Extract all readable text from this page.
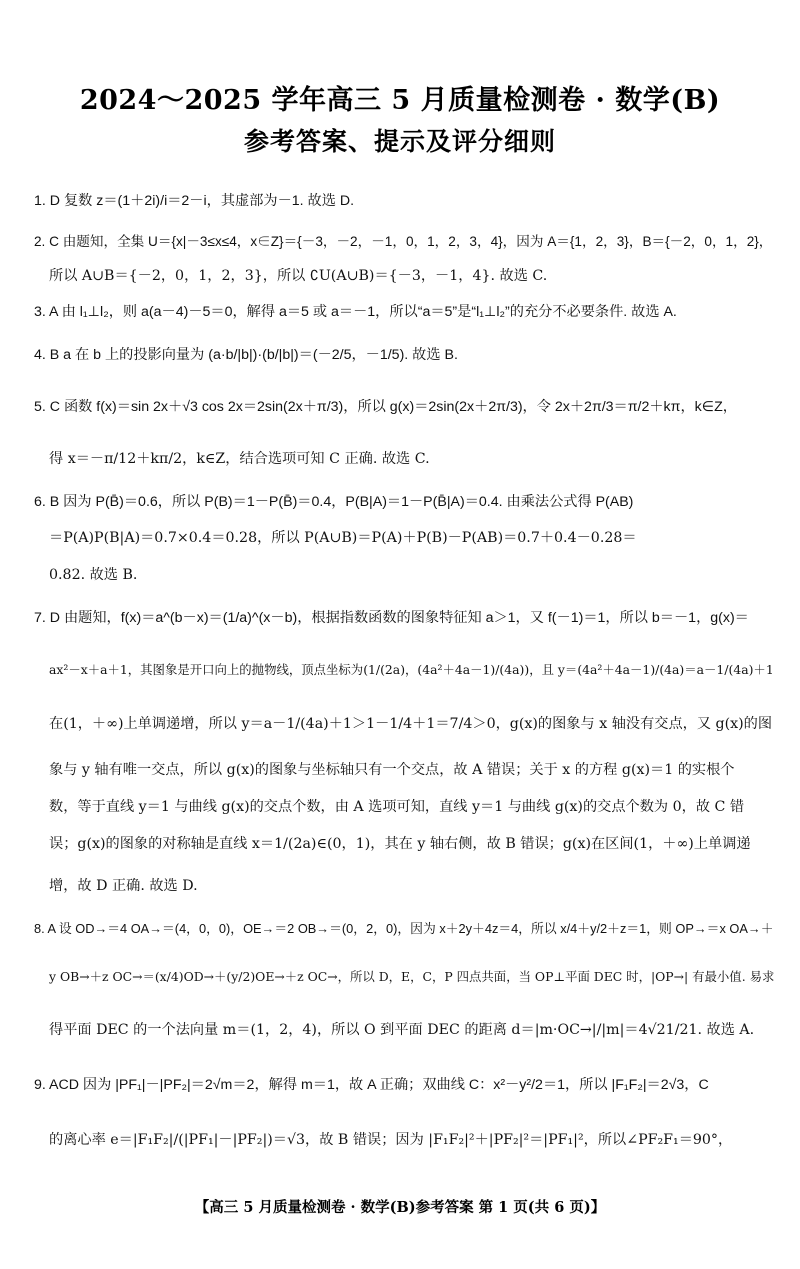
2024～2025 学年高三 5 月质量检测卷 · 数学(B)
参考答案、提示及评分细则
1. D 复数 z＝(1＋2i)/i＝2－i，其虚部为－1. 故选 D.
2. C 由题知，全集 U＝{x|－3≤x≤4，x∈Z}＝{－3，－2，－1，0，1，2，3，4}，因为 A＝{1，2，3}，B＝{－2，0，1，2}，
所以 A∪B＝{－2，0，1，2，3}，所以 ∁U(A∪B)＝{－3，－1，4}. 故选 C.
3. A 由 l₁⊥l₂，则 a(a－4)－5＝0，解得 a＝5 或 a＝－1，所以“a＝5”是“l₁⊥l₂”的充分不必要条件. 故选 A.
4. B a 在 b 上的投影向量为 (a·b/|b|)·(b/|b|)＝(－2/5，－1/5). 故选 B.
5. C 函数 f(x)＝sin 2x＋√3 cos 2x＝2sin(2x＋π/3)，所以 g(x)＝2sin(2x＋2π/3)，令 2x＋2π/3＝π/2＋kπ，k∈Z，
得 x＝－π/12＋kπ/2，k∈Z，结合选项可知 C 正确. 故选 C.
6. B 因为 P(B̄)＝0.6，所以 P(B)＝1－P(B̄)＝0.4，P(B|A)＝1－P(B̄|A)＝0.4. 由乘法公式得 P(AB)
＝P(A)P(B|A)＝0.7×0.4＝0.28，所以 P(A∪B)＝P(A)＋P(B)－P(AB)＝0.7＋0.4－0.28＝
0.82. 故选 B.
7. D 由题知，f(x)＝a^(b－x)＝(1/a)^(x－b)，根据指数函数的图象特征知 a＞1，又 f(－1)＝1，所以 b＝－1，g(x)＝
ax²－x＋a＋1，其图象是开口向上的抛物线，顶点坐标为(1/(2a)，(4a²＋4a－1)/(4a))，且 y＝(4a²＋4a－1)/(4a)＝a－1/(4a)＋1
在(1，＋∞)上单调递增，所以 y＝a－1/(4a)＋1＞1－1/4＋1＝7/4＞0，g(x)的图象与 x 轴没有交点，又 g(x)的图
象与 y 轴有唯一交点，所以 g(x)的图象与坐标轴只有一个交点，故 A 错误；关于 x 的方程 g(x)＝1 的实根个
数，等于直线 y＝1 与曲线 g(x)的交点个数，由 A 选项可知，直线 y＝1 与曲线 g(x)的交点个数为 0，故 C 错
误；g(x)的图象的对称轴是直线 x＝1/(2a)∈(0，1)，其在 y 轴右侧，故 B 错误；g(x)在区间(1，＋∞)上单调递
增，故 D 正确. 故选 D.
8. A 设 OD→＝4 OA→＝(4，0，0)，OE→＝2 OB→＝(0，2，0)，因为 x＋2y＋4z＝4，所以 x/4＋y/2＋z＝1，则 OP→＝x OA→＋
y OB→＋z OC→＝(x/4)OD→＋(y/2)OE→＋z OC→，所以 D，E，C，P 四点共面，当 OP⊥平面 DEC 时，|OP→| 有最小值. 易求
得平面 DEC 的一个法向量 m＝(1，2，4)，所以 O 到平面 DEC 的距离 d＝|m·OC→|/|m|＝4√21/21. 故选 A.
9. ACD 因为 |PF₁|－|PF₂|＝2√m＝2，解得 m＝1，故 A 正确；双曲线 C：x²－y²/2＝1，所以 |F₁F₂|＝2√3，C
的离心率 e＝|F₁F₂|/(|PF₁|－|PF₂|)＝√3，故 B 错误；因为 |F₁F₂|²＋|PF₂|²＝|PF₁|²，所以∠PF₂F₁＝90°，
【高三 5 月质量检测卷 · 数学(B)参考答案 第 1 页(共 6 页)】
